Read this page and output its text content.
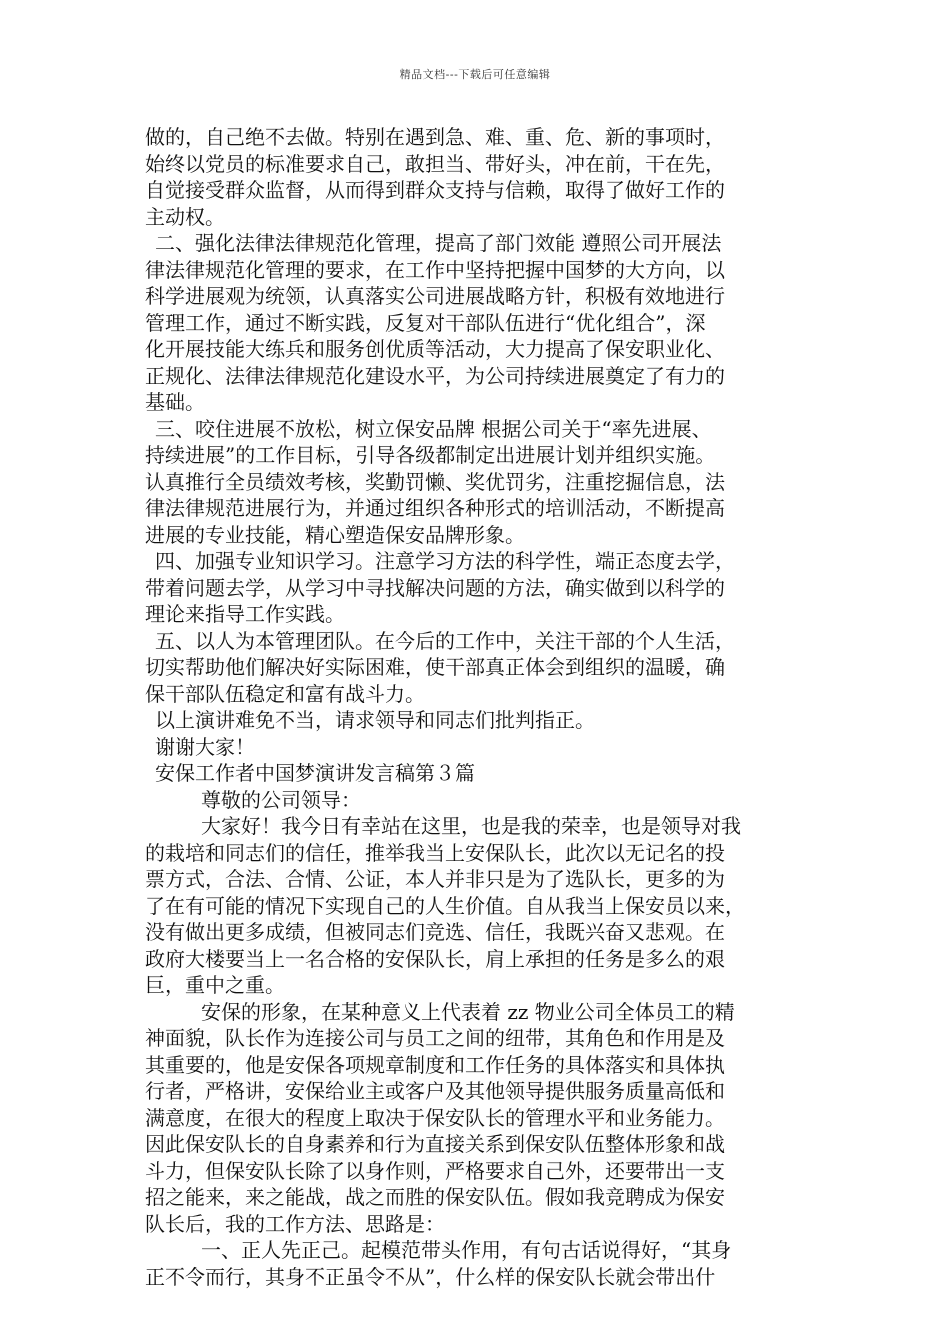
精品文档---下载后可任意编辑
做的，自己绝不去做。特别在遇到急、难、重、危、新的事项时，
始终以党员的标准要求自己，敢担当、带好头，冲在前，干在先，
自觉接受群众监督，从而得到群众支持与信赖，取得了做好工作的
主动权。
二、强化法律法律规范化管理，提高了部门效能 遵照公司开展法
律法律规范化管理的要求，在工作中坚持把握中国梦的大方向，以
科学进展观为统领，认真落实公司进展战略方针，积极有效地进行
管理工作，通过不断实践，反复对干部队伍进行“优化组合”，深
化开展技能大练兵和服务创优质等活动，大力提高了保安职业化、
正规化、法律法律规范化建设水平，为公司持续进展奠定了有力的
基础。
三、咬住进展不放松，树立保安品牌 根据公司关于“率先进展、
持续进展”的工作目标，引导各级都制定出进展计划并组织实施。
认真推行全员绩效考核，奖勤罚懒、奖优罚劣，注重挖掘信息，法
律法律规范进展行为，并通过组织各种形式的培训活动，不断提高
进展的专业技能，精心塑造保安品牌形象。
四、加强专业知识学习。注意学习方法的科学性，端正态度去学，
带着问题去学，从学习中寻找解决问题的方法，确实做到以科学的
理论来指导工作实践。
五、以人为本管理团队。在今后的工作中，关注干部的个人生活，
切实帮助他们解决好实际困难，使干部真正体会到组织的温暖，确
保干部队伍稳定和富有战斗力。
以上演讲难免不当，请求领导和同志们批判指正。
谢谢大家！
安保工作者中国梦演讲发言稿第３篇
尊敬的公司领导：
大家好！我今日有幸站在这里，也是我的荣幸，也是领导对我
的栽培和同志们的信任，推举我当上安保队长，此次以无记名的投
票方式，合法、合情、公证，本人并非只是为了选队长，更多的为
了在有可能的情况下实现自己的人生价值。自从我当上保安员以来，
没有做出更多成绩，但被同志们竞选、信任，我既兴奋又悲观。在
政府大楼要当上一名合格的安保队长，肩上承担的任务是多么的艰
巨，重中之重。
安保的形象，在某种意义上代表着 zz 物业公司全体员工的精
神面貌，队长作为连接公司与员工之间的纽带，其角色和作用是及
其重要的，他是安保各项规章制度和工作任务的具体落实和具体执
行者，严格讲，安保给业主或客户及其他领导提供服务质量高低和
满意度，在很大的程度上取决于保安队长的管理水平和业务能力。
因此保安队长的自身素养和行为直接关系到保安队伍整体形象和战
斗力，但保安队长除了以身作则，严格要求自己外，还要带出一支
招之能来，来之能战，战之而胜的保安队伍。假如我竞聘成为保安
队长后，我的工作方法、思路是：
一、正人先正己。起模范带头作用，有句古话说得好，“其身
正不令而行，其身不正虽令不从”，什么样的保安队长就会带出什
